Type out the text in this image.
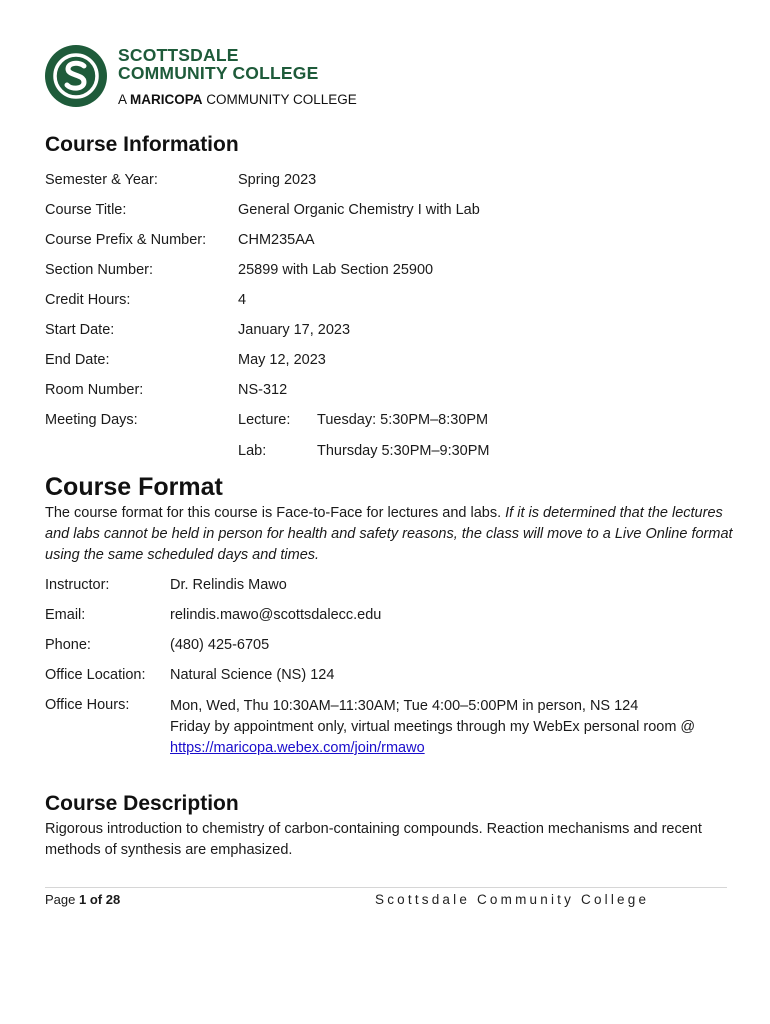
SCOTTSDALE
COMMUNITY COLLEGE
A MARICOPA COMMUNITY COLLEGE
Course Information
Semester & Year:	Spring 2023
Course Title:	General Organic Chemistry I with Lab
Course Prefix & Number: CHM235AA
Section Number:	25899 with Lab Section 25900
Credit Hours:	4
Start Date:	January 17, 2023
End Date:	May 12, 2023
Room Number:	NS-312
Meeting Days:	Lecture: Tuesday: 5:30PM–8:30PM
Lab:	Thursday 5:30PM–9:30PM
Course Format
The course format for this course is Face-to-Face for lectures and labs. If it is determined that the lectures and labs cannot be held in person for health and safety reasons, the class will move to a Live Online format using the same scheduled days and times.
Instructor:	Dr. Relindis Mawo
Email:	relindis.mawo@scottsdalecc.edu
Phone:	(480) 425-6705
Office Location: Natural Science (NS) 124
Office Hours:	Mon, Wed, Thu 10:30AM–11:30AM; Tue 4:00–5:00PM in person, NS 124
Friday by appointment only, virtual meetings through my WebEx personal room @
https://maricopa.webex.com/join/rmawo
Course Description
Rigorous introduction to chemistry of carbon-containing compounds. Reaction mechanisms and recent methods of synthesis are emphasized.
Page 1 of 28	Scottsdale Community College
